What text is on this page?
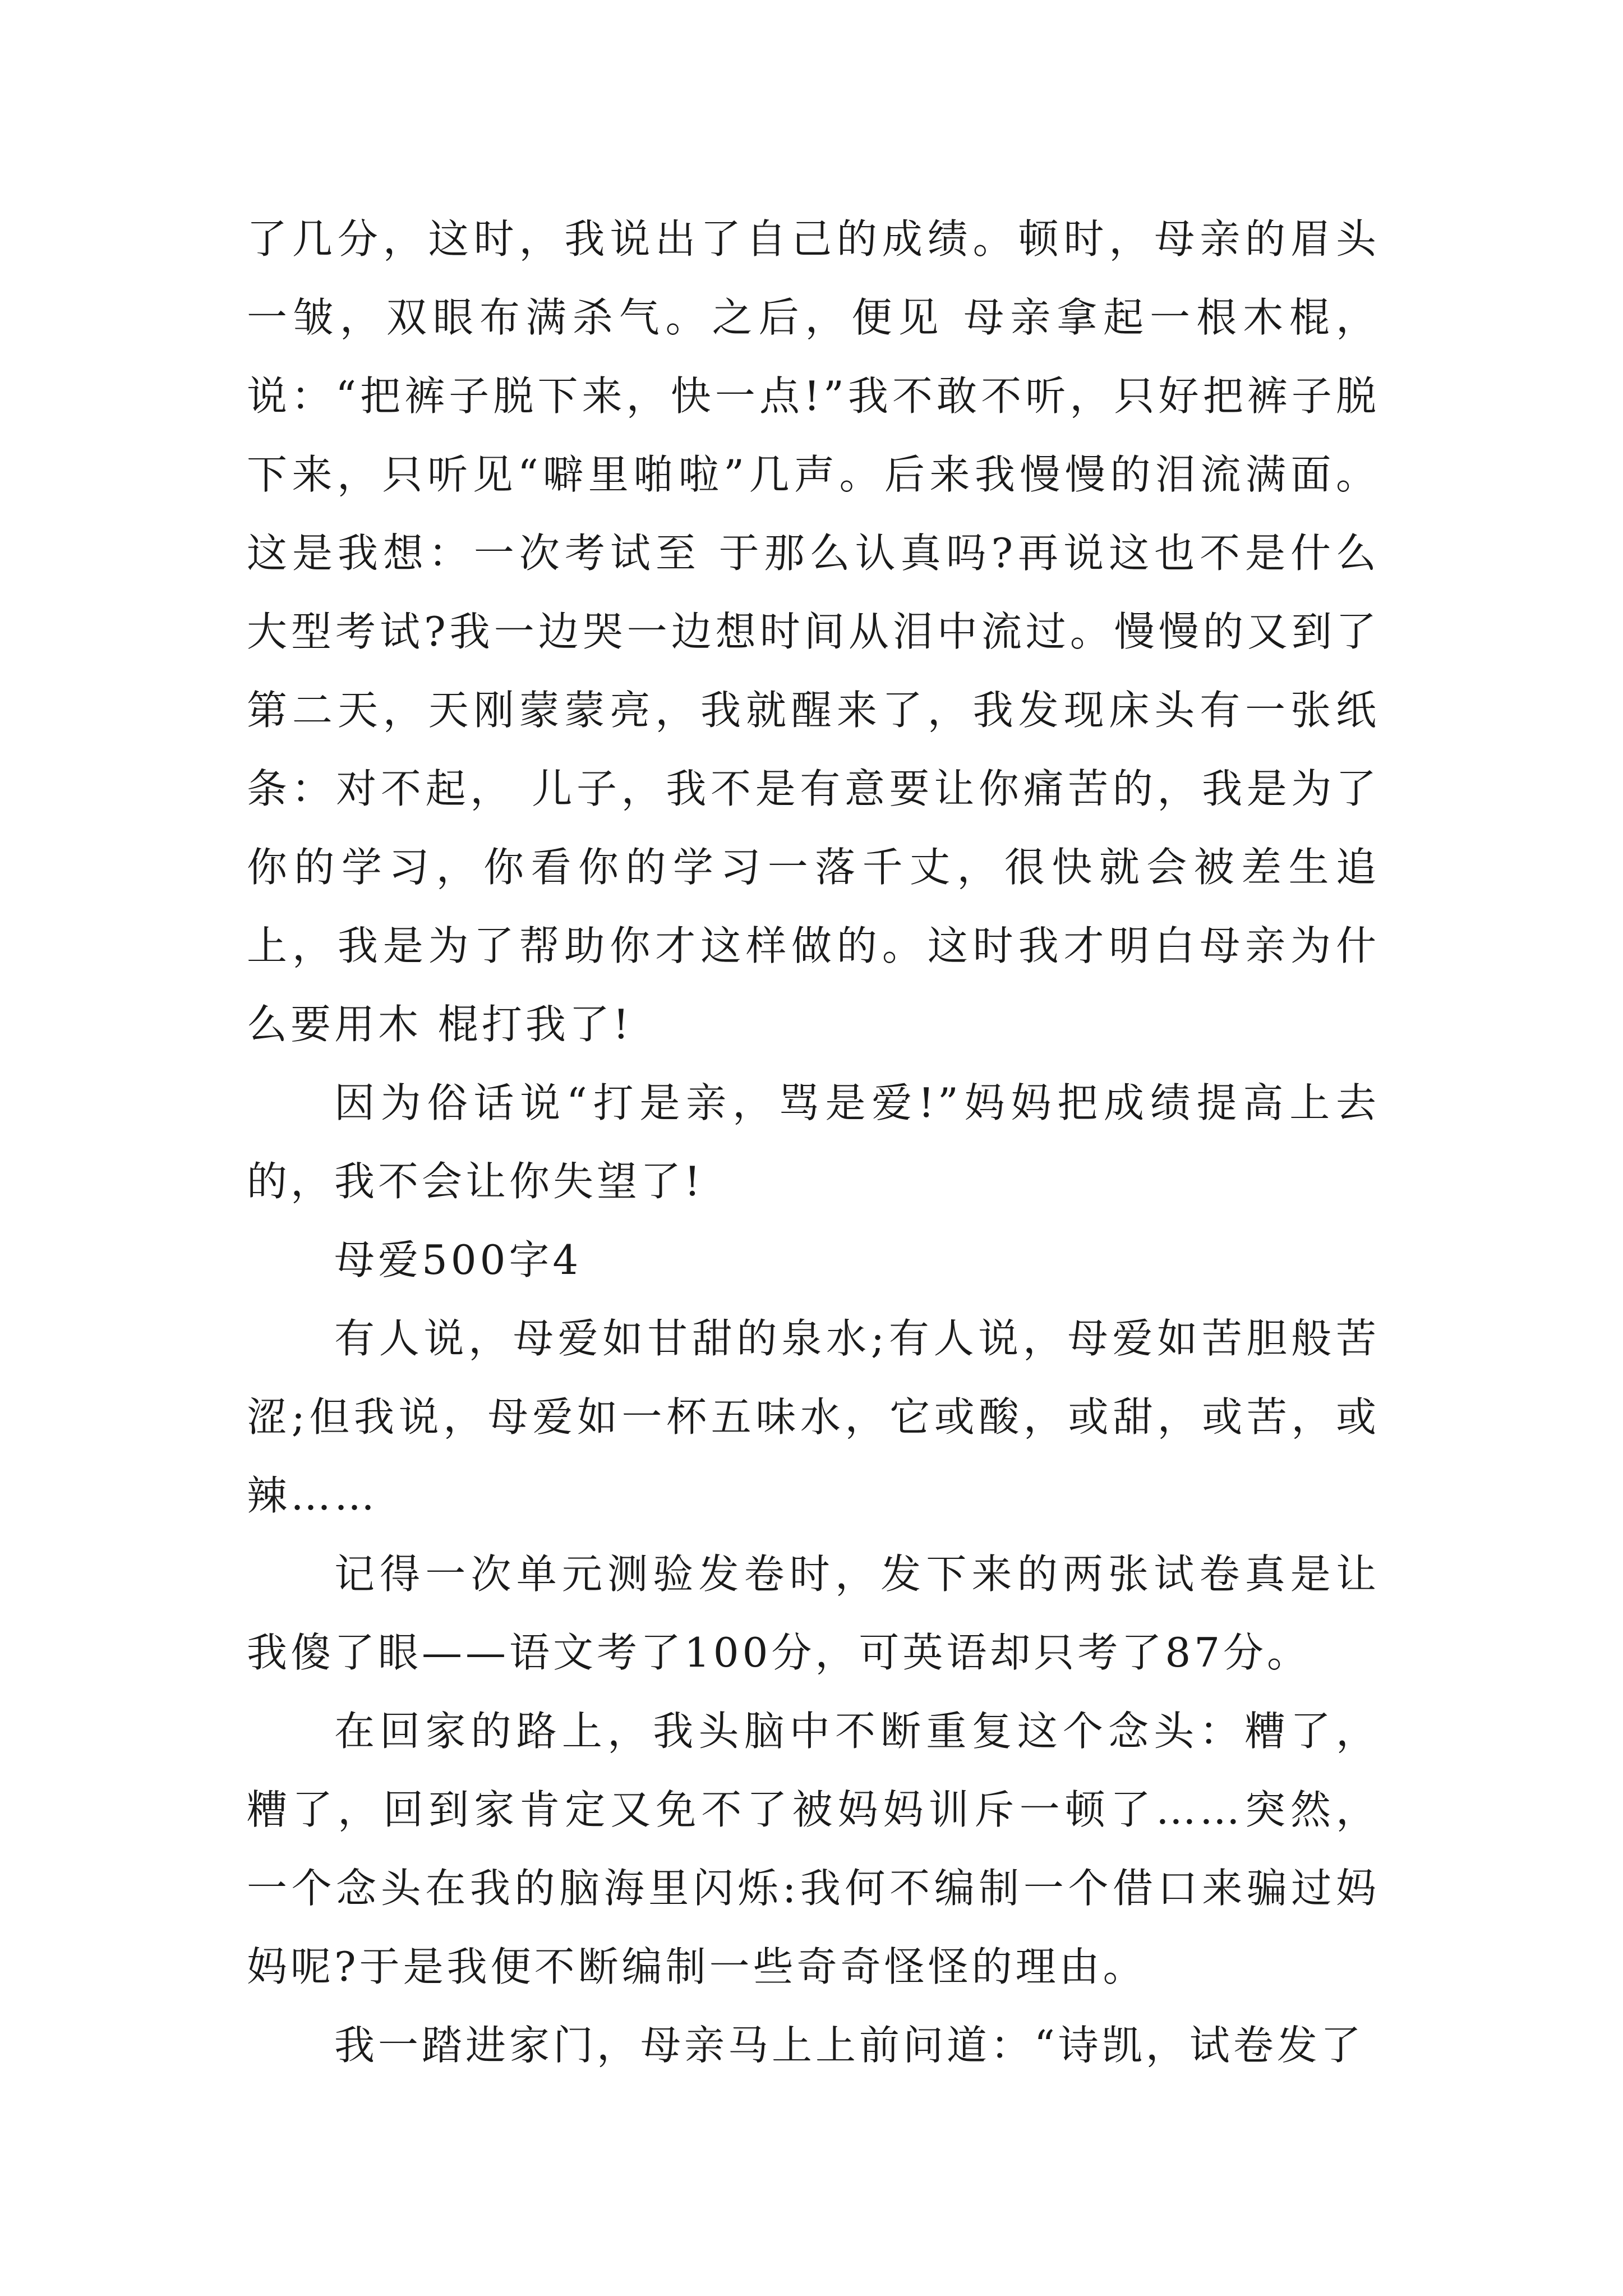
了几分，这时，我说出了自己的成绩。顿时，母亲的眉头一皱，双眼布满杀气。之后，便见 母亲拿起一根木棍，说：“把裤子脱下来，快一点!”我不敢不听，只好把裤子脱下来，只听见“噼里啪啦”几声。后来我慢慢的泪流满面。这是我想：一次考试至 于那么认真吗?再说这也不是什么大型考试?我一边哭一边想时间从泪中流过。慢慢的又到了第二天，天刚蒙蒙亮，我就醒来了，我发现床头有一张纸条：对不起， 儿子，我不是有意要让你痛苦的，我是为了你的学习，你看你的学习一落千丈，很快就会被差生追上，我是为了帮助你才这样做的。这时我才明白母亲为什么要用木 棍打我了!

因为俗话说“打是亲，骂是爱!”妈妈把成绩提高上去的，我不会让你失望了!

母爱500字4

有人说，母爱如甘甜的泉水;有人说，母爱如苦胆般苦涩;但我说，母爱如一杯五味水，它或酸，或甜，或苦，或辣……

记得一次单元测验发卷时，发下来的两张试卷真是让我傻了眼——语文考了100分，可英语却只考了87分。

在回家的路上，我头脑中不断重复这个念头：糟了，糟了，回到家肯定又免不了被妈妈训斥一顿了……突然，一个念头在我的脑海里闪烁:我何不编制一个借口来骗过妈妈呢?于是我便不断编制一些奇奇怪怪的理由。

我一踏进家门，母亲马上上前问道：“诗凯，试卷发了
